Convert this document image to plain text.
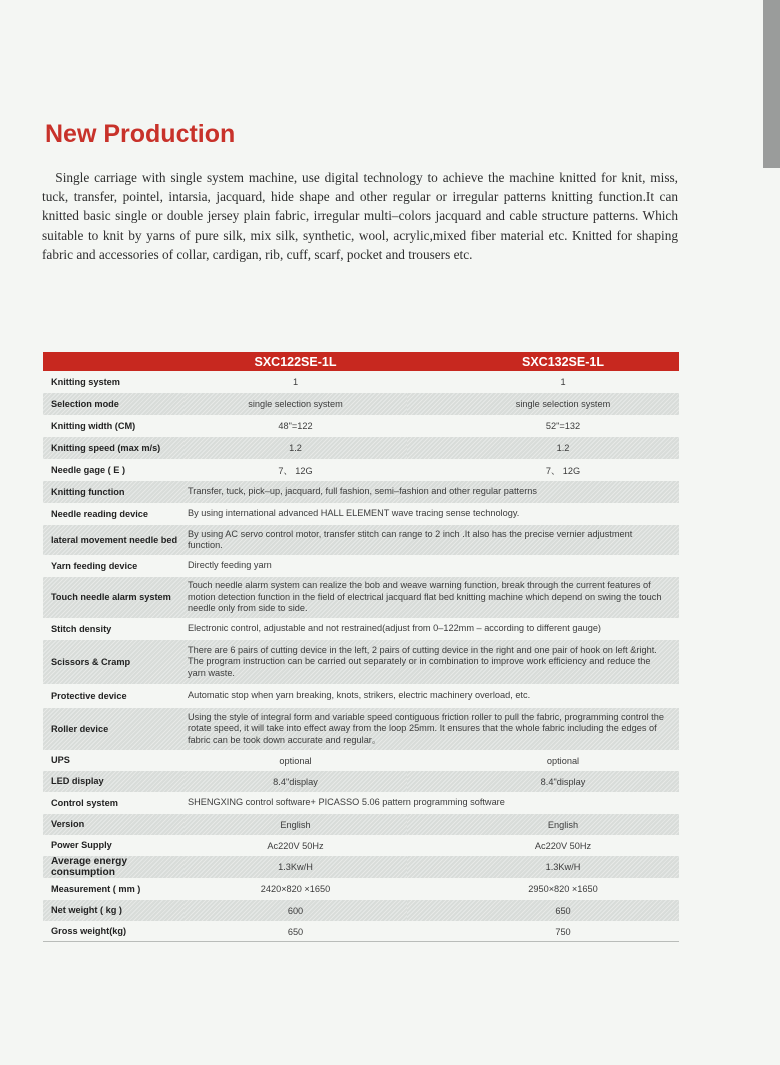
New Production

Single carriage with single system machine, use digital technology to achieve the machine knitted for knit, miss, tuck, transfer, pointel, intarsia, jacquard, hide shape and other regular or irregular patterns knitting function.It can knitted basic single or double jersey plain fabric, irregular multi–colors jacquard and cable structure patterns. Which suitable to knit by yarns of pure silk, mix silk, synthetic, wool, acrylic,mixed fiber material etc. Knitted for shaping fabric and accessories of collar, cardigan, rib, cuff, scarf, pocket and trousers etc.

	SXC122SE-1L	SXC132SE-1L
Knitting system	1	1
Selection mode	single selection system	single selection system
Knitting width (CM)	48"=122	52"=132
Knitting speed (max m/s)	1.2	1.2
Needle gage ( E )	7、 12G	7、 12G
Knitting function	Transfer, tuck, pick–up, jacquard, full fashion, semi–fashion and other regular patterns	
Needle reading device	By using international advanced HALL ELEMENT wave tracing sense technology.	
lateral movement needle bed	By using AC servo control motor, transfer stitch can range to 2 inch .It also has the precise vernier adjustment function.	
Yarn feeding device	Directly feeding yarn	
Touch needle alarm system	Touch needle alarm system can realize the bob and weave warning function, break through the current features of motion detection function in the field of electrical jacquard flat bed knitting machine which depend on swing the touch needle only from side to side.	
Stitch density	Electronic control, adjustable and not restrained(adjust from 0–122mm – according to different gauge)	
Scissors & Cramp	There are 6 pairs of cutting device in the left, 2 pairs of cutting device in the right and one pair of hook on left &right. The program instruction can be carried out separately or in combination to improve work efficiency and reduce the yarn waste.	
Protective device	Automatic stop when yarn breaking, knots, strikers, electric machinery overload, etc.	
Roller device	Using the style of integral form and variable speed contiguous friction roller to pull the fabric, programming control the rotate speed, it will take into effect away from the loop 25mm. It ensures that the whole fabric including the edges of fabric can be took down accurate and regular。	
UPS	optional	optional
LED display	8.4"display	8.4"display
Control system	SHENGXING control software+ PICASSO 5.06 pattern programming software	
Version	English	English
Power Supply	Ac220V 50Hz	Ac220V 50Hz
Average energy consumption	1.3Kw/H	1.3Kw/H
Measurement ( mm )	2420×820 ×1650	2950×820 ×1650
Net weight ( kg )	600	650
Gross weight(kg)	650	750
